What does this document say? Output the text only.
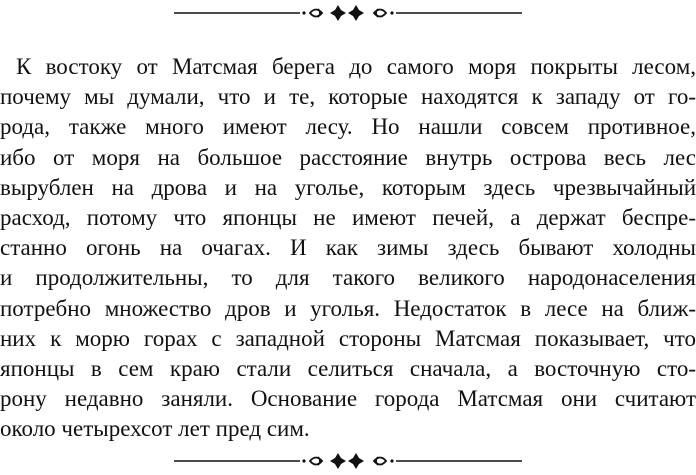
К востоку от Матсмая берега до самого моря покрыты лесом,
почему мы думали, что и те, которые находятся к западу от го-
рода, также много имеют лесу. Но нашли совсем противное,
ибо от моря на большое расстояние внутрь острова весь лес
вырублен на дрова и на уголье, которым здесь чрезвычайный
расход, потому что японцы не имеют печей, а держат беспре-
станно огонь на очагах. И как зимы здесь бывают холодны
и продолжительны, то для такого великого народонаселения
потребно множество дров и уголья. Недостаток в лесе на ближ-
них к морю горах с западной стороны Матсмая показывает, что
японцы в сем краю стали селиться сначала, а восточную сто-
рону недавно заняли. Основание города Матсмая они считают
около четырехсот лет пред сим.
